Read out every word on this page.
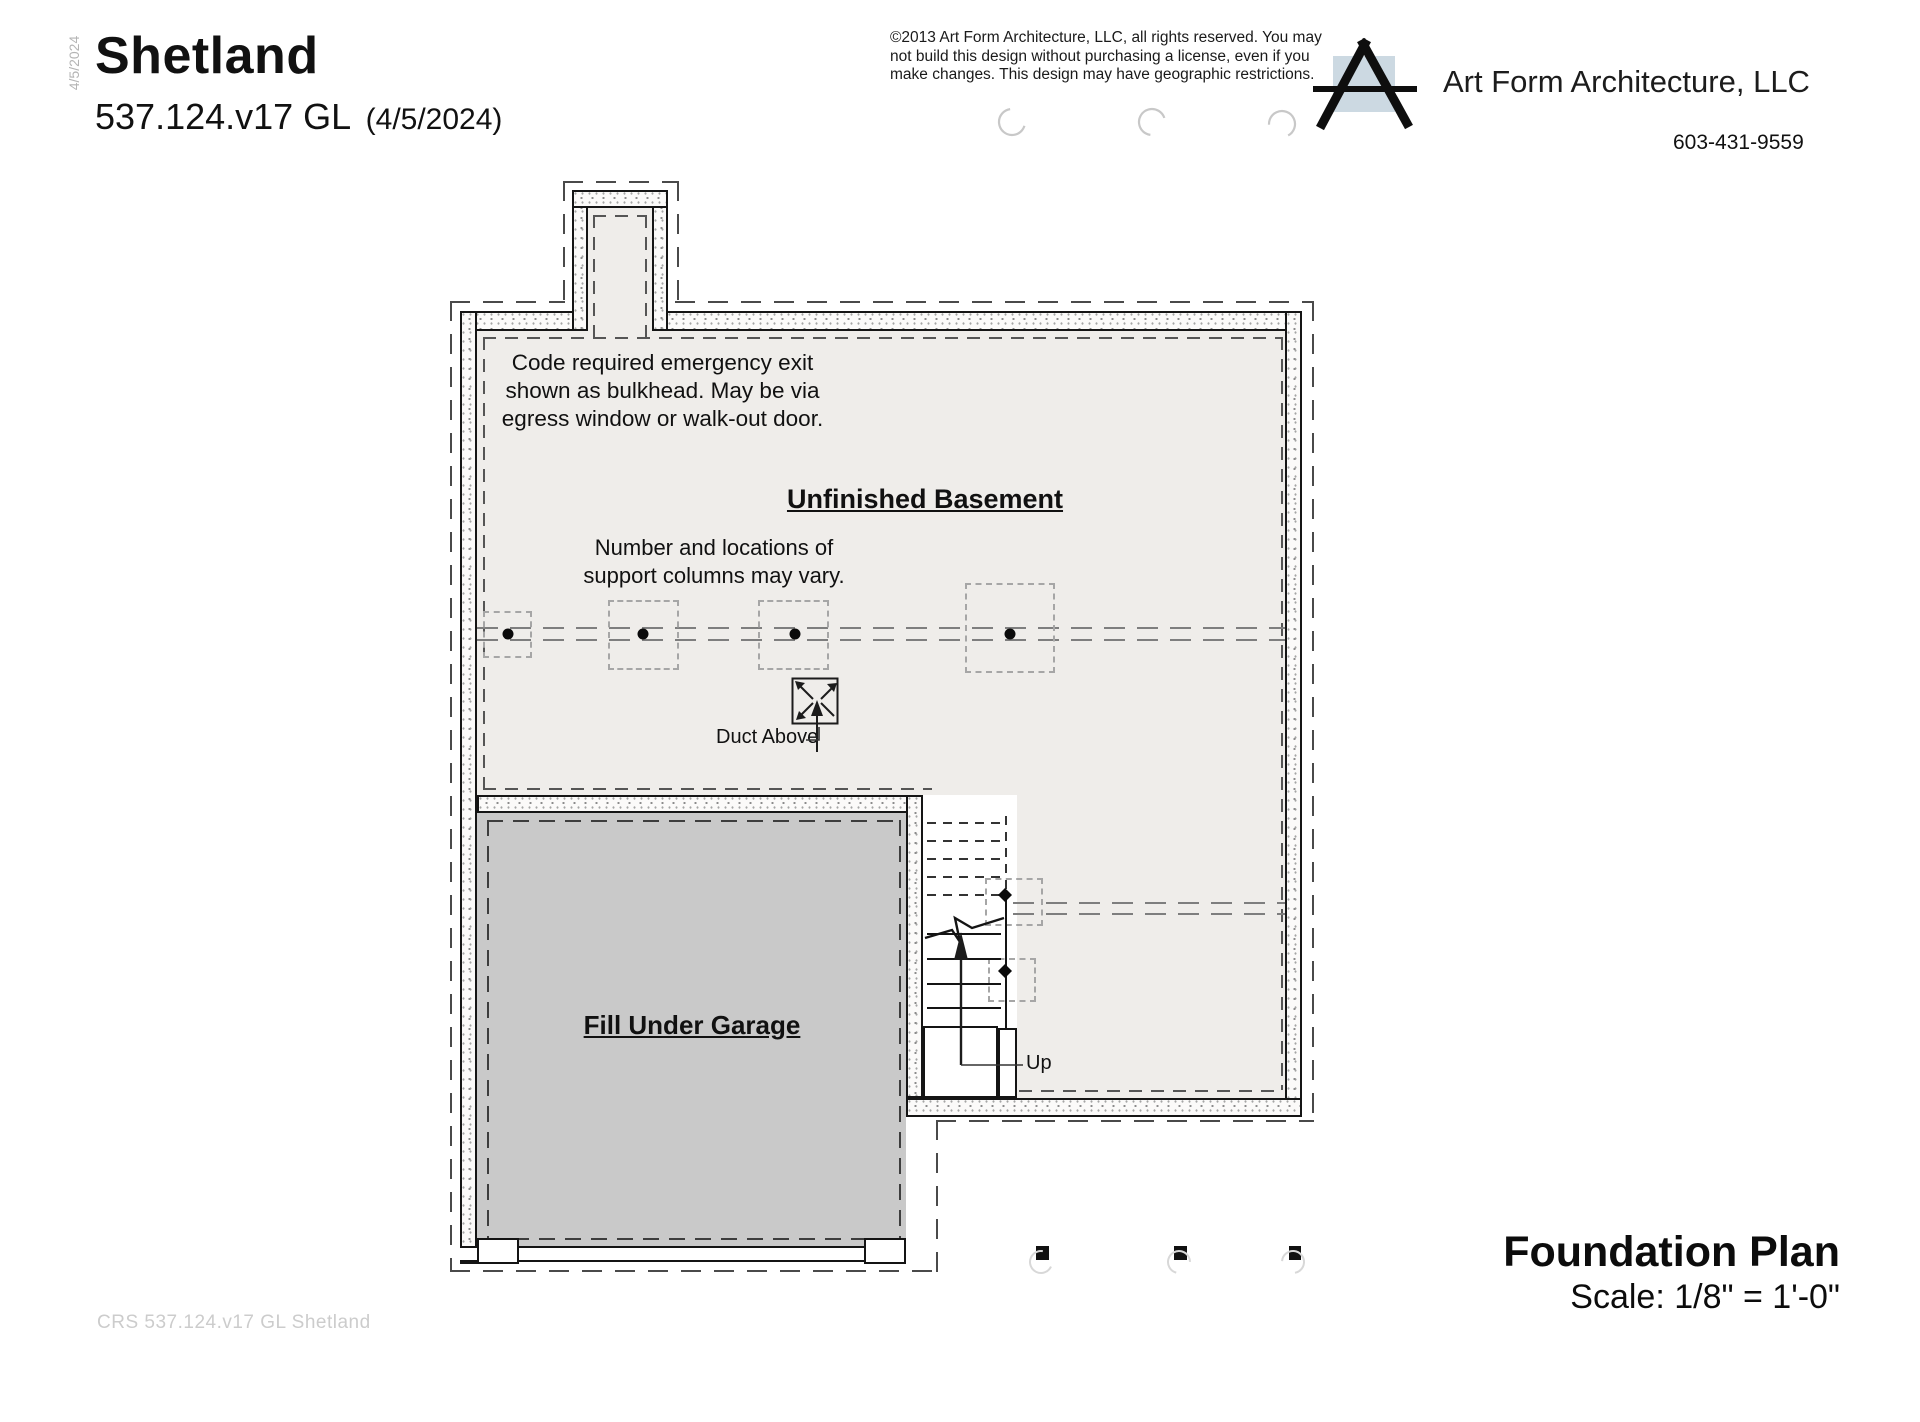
4/5/2024 Shetland
537.124.v17 GL (4/5/2024)
©2013 Art Form Architecture, LLC, all rights reserved. You may
not build this design without purchasing a license, even if you
make changes. This design may have geographic restrictions.	Art Form Architecture, LLC
603-431-9559
Code required emergency exit
shown as bulkhead. May be via
egress window or walk-out door.
Unfinished Basement
Number and locations of
support columns may vary.
Duct Above
Fill Under Garage
Up
Foundation Plan
Scale: 1/8" = 1'-0"
CRS 537.124.v17 GL Shetland
